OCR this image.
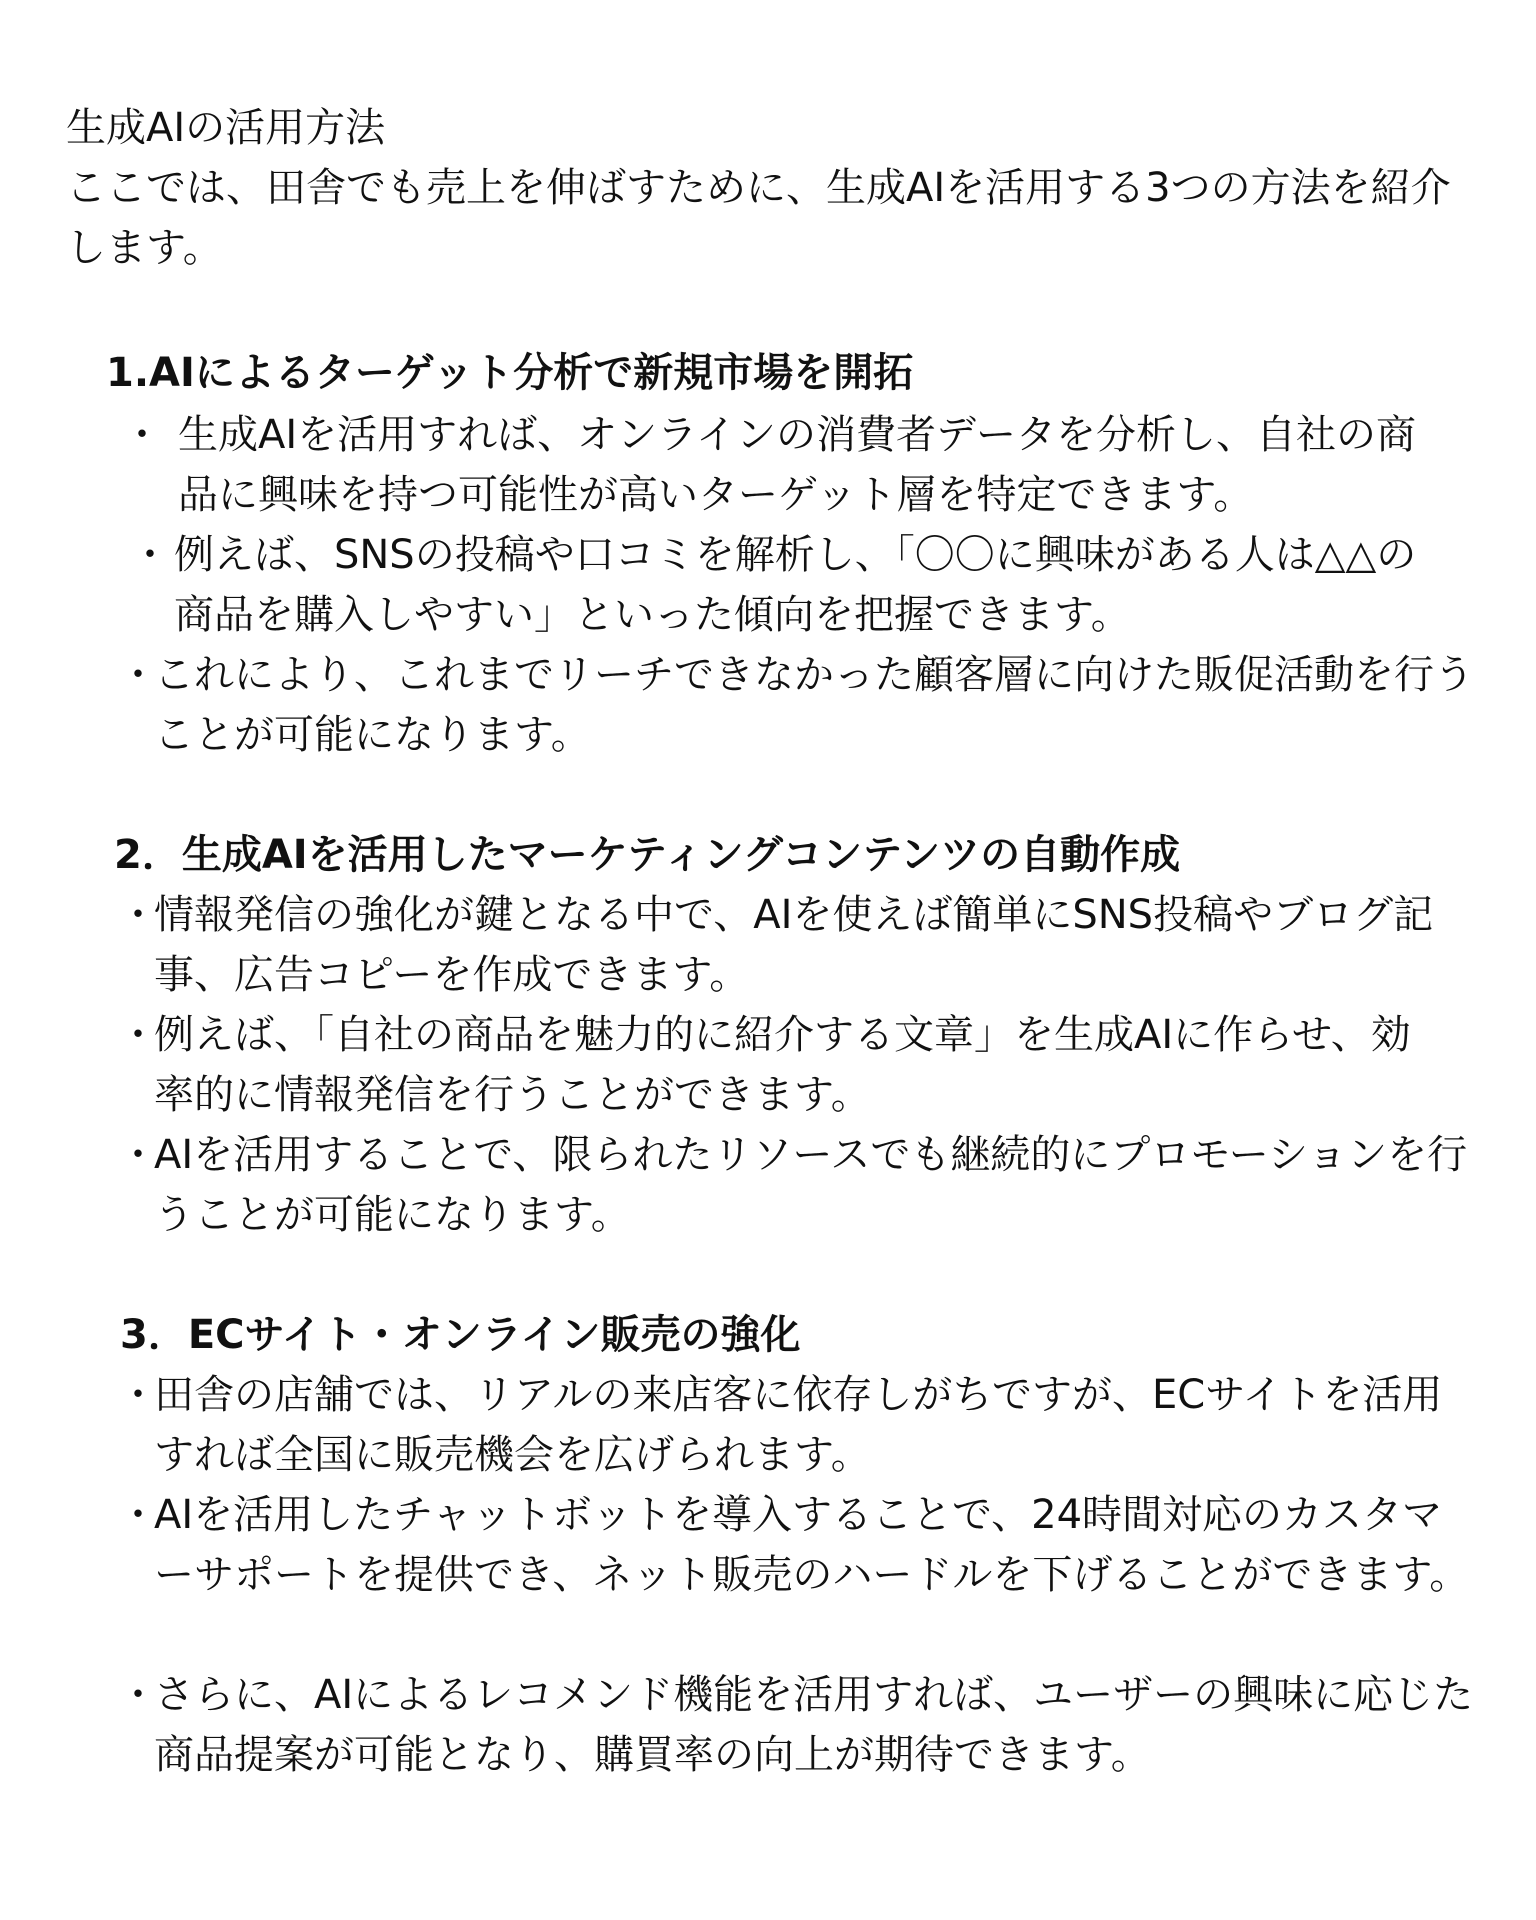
生成AIの活用方法

ここでは、田舎でも売上を伸ばすために、生成AIを活用する3つの方法を紹介します。

1.AIによるターゲット分析で新規市場を開拓
・ 生成AIを活用すれば、オンラインの消費者データを分析し、自社の商品に興味を持つ可能性が高いターゲット層を特定できます。
・ 例えば、SNSの投稿や口コミを解析し、「〇〇に興味がある人は△△の商品を購入しやすい」といった傾向を把握できます。
・
これにより、これまでリーチできなかった顧客層に向けた販促活動を行うことが可能になります。
2．生成AIを活用したマーケティングコンテンツの自動作成
・
情報発信の強化が鍵となる中で、AIを使えば簡単にSNS投稿やブログ記事、広告コピーを作成できます。
・
例えば、「自社の商品を魅力的に紹介する文章」を生成AIに作らせ、効率的に情報発信を行うことができます。
・
AIを活用することで、限られたリソースでも継続的にプロモーションを行うことが可能になります。
3．ECサイト・オンライン販売の強化
・
田舎の店舗では、リアルの来店客に依存しがちですが、ECサイトを活用すれば全国に販売機会を広げられます。
・
AIを活用したチャットボットを導入することで、24時間対応のカスタマーサポートを提供でき、ネット販売のハードルを下げることができます。
・
さらに、AIによるレコメンド機能を活用すれば、ユーザーの興味に応じた商品提案が可能となり、購買率の向上が期待できます。
